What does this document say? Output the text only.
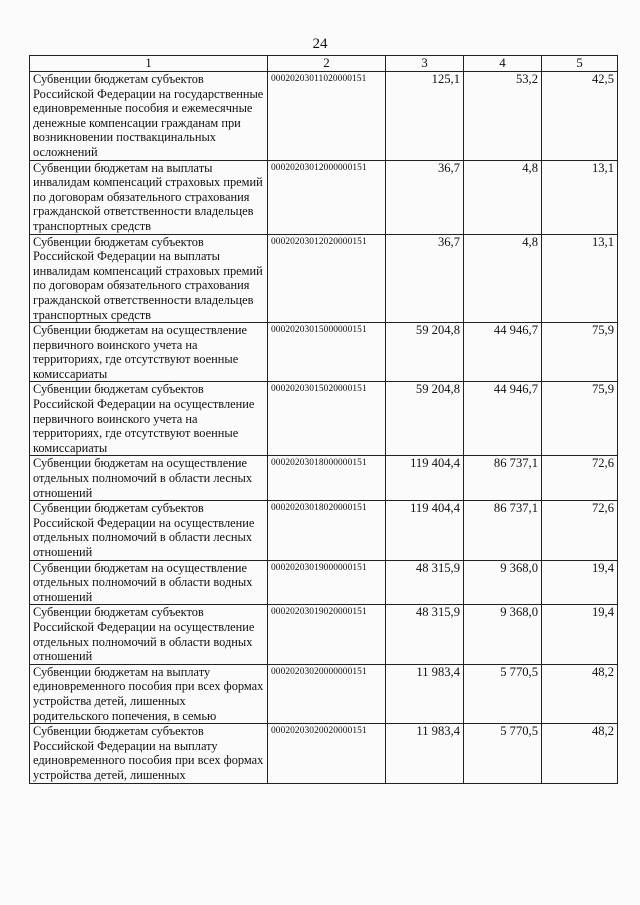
24
1	2	3	4	5
Субвенции бюджетам субъектов Российской Федерации на государственные единовременные пособия и ежемесячные денежные компенсации гражданам при возникновении поствакцинальных осложнений	00020203011020000151	125,1	53,2	42,5
Субвенции бюджетам на выплаты инвалидам компенсаций страховых премий по договорам обязательного страхования гражданской ответственности владельцев транспортных средств	00020203012000000151	36,7	4,8	13,1
Субвенции бюджетам субъектов Российской Федерации на выплаты инвалидам компенсаций страховых премий по договорам обязательного страхования гражданской ответственности владельцев транспортных средств	00020203012020000151	36,7	4,8	13,1
Субвенции бюджетам на осуществление первичного воинского учета на территориях, где отсутствуют военные комиссариаты	00020203015000000151	59 204,8	44 946,7	75,9
Субвенции бюджетам субъектов Российской Федерации на осуществление первичного воинского учета на территориях, где отсутствуют военные комиссариаты	00020203015020000151	59 204,8	44 946,7	75,9
Субвенции бюджетам на осуществление отдельных полномочий в области лесных отношений	00020203018000000151	119 404,4	86 737,1	72,6
Субвенции бюджетам субъектов Российской Федерации на осуществление отдельных полномочий в области лесных отношений	00020203018020000151	119 404,4	86 737,1	72,6
Субвенции бюджетам на осуществление отдельных полномочий в области водных отношений	00020203019000000151	48 315,9	9 368,0	19,4
Субвенции бюджетам субъектов Российской Федерации на осуществление отдельных полномочий в области водных отношений	00020203019020000151	48 315,9	9 368,0	19,4
Субвенции бюджетам на выплату единовременного пособия при всех формах устройства детей, лишенных родительского попечения, в семью	00020203020000000151	11 983,4	5 770,5	48,2
Субвенции бюджетам субъектов Российской Федерации на выплату единовременного пособия при всех формах устройства детей, лишенных	00020203020020000151	11 983,4	5 770,5	48,2
